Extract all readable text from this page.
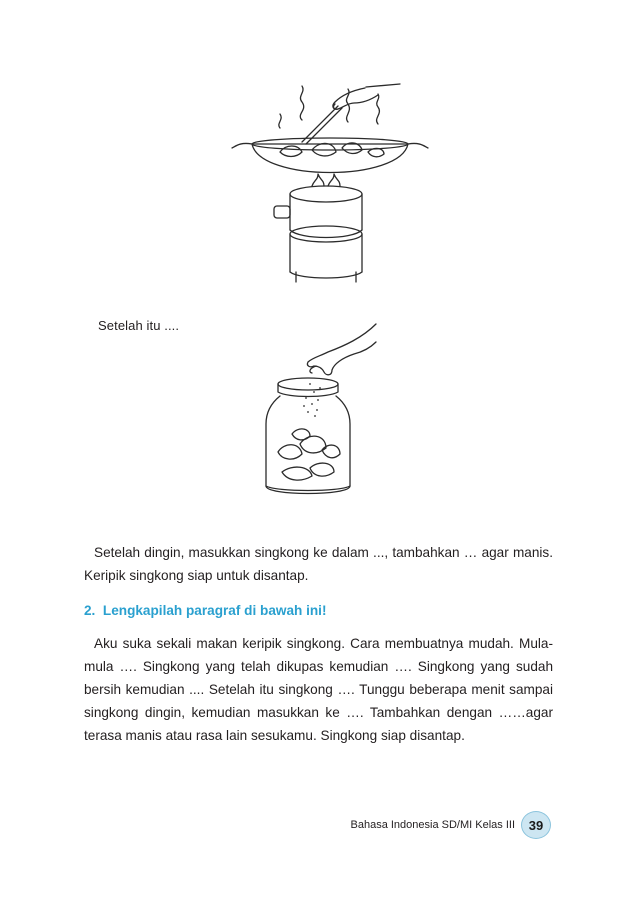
Setelah itu ....
Setelah dingin, masukkan singkong ke dalam ..., tambahkan … agar manis. Keripik singkong siap untuk disantap.
2. Lengkapilah paragraf di bawah ini!
Aku suka sekali makan keripik singkong. Cara membuatnya mudah. Mula-mula …. Singkong yang telah dikupas kemudian …. Singkong yang sudah bersih kemudian .... Setelah itu singkong …. Tunggu beberapa menit sampai singkong dingin, kemudian masukkan ke …. Tambahkan dengan ……agar terasa manis atau rasa lain sesukamu. Singkong siap disantap.
Bahasa Indonesia SD/MI Kelas III	39
